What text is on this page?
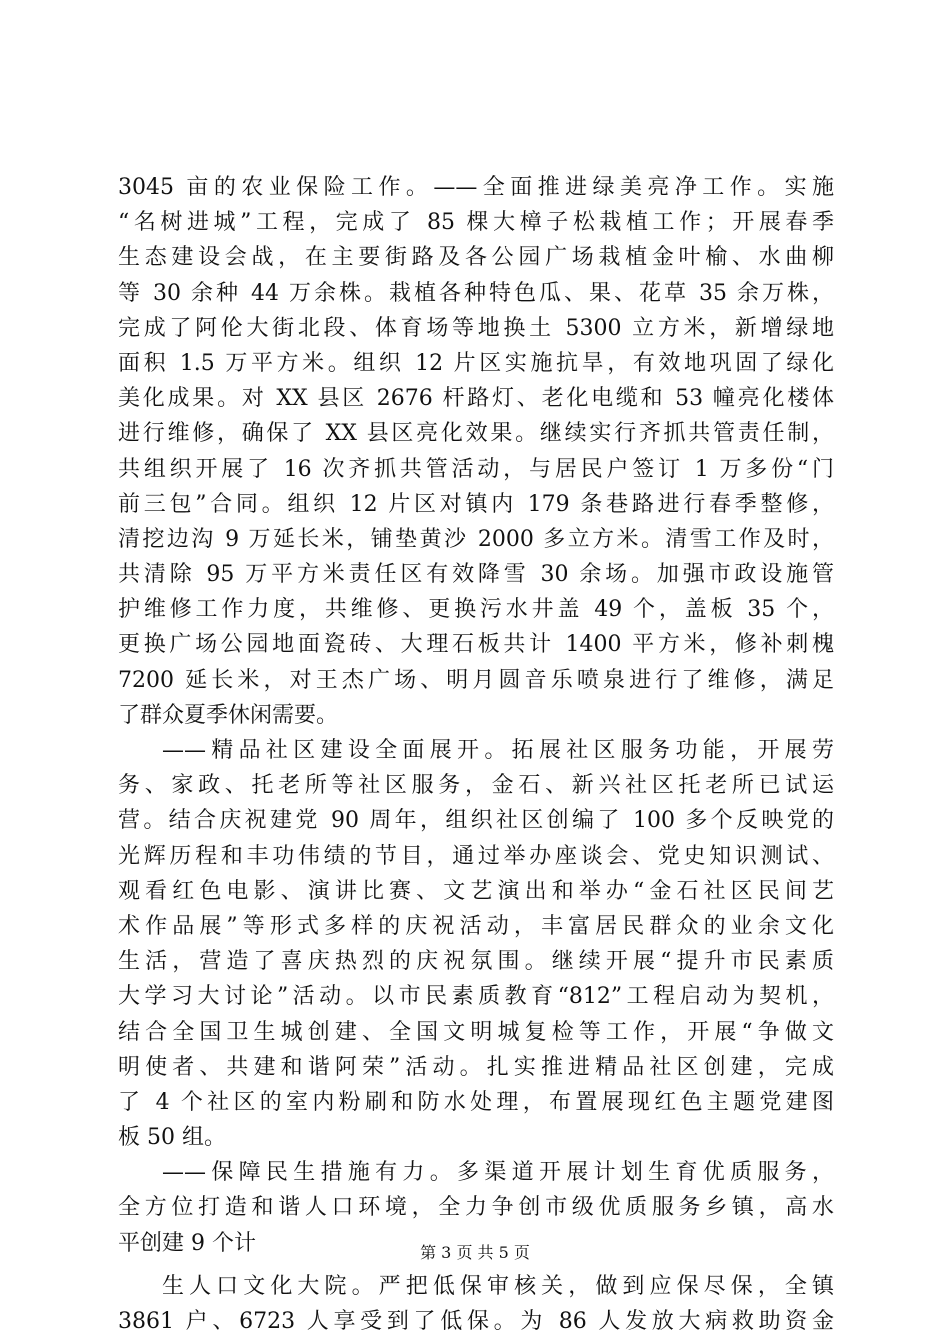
3045 亩的农业保险工作。——全面推进绿美亮净工作。实施
“名树进城”工程，完成了 85 棵大樟子松栽植工作；开展春季
生态建设会战，在主要街路及各公园广场栽植金叶榆、水曲柳
等 30 余种 44 万余株。栽植各种特色瓜、果、花草 35 余万株，
完成了阿伦大街北段、体育场等地换土 5300 立方米，新增绿地
面积 1.5 万平方米。组织 12 片区实施抗旱，有效地巩固了绿化
美化成果。对 XX 县区 2676 杆路灯、老化电缆和 53 幢亮化楼体
进行维修，确保了 XX 县区亮化效果。继续实行齐抓共管责任制，
共组织开展了 16 次齐抓共管活动，与居民户签订 1 万多份“门
前三包”合同。组织 12 片区对镇内 179 条巷路进行春季整修，
清挖边沟 9 万延长米，铺垫黄沙 2000 多立方米。清雪工作及时，
共清除 95 万平方米责任区有效降雪 30 余场。加强市政设施管
护维修工作力度，共维修、更换污水井盖 49 个，盖板 35 个，
更换广场公园地面瓷砖、大理石板共计 1400 平方米，修补刺槐
7200 延长米，对王杰广场、明月圆音乐喷泉进行了维修，满足
了群众夏季休闲需要。
——精品社区建设全面展开。拓展社区服务功能，开展劳
务、家政、托老所等社区服务，金石、新兴社区托老所已试运
营。结合庆祝建党 90 周年，组织社区创编了 100 多个反映党的
光辉历程和丰功伟绩的节目，通过举办座谈会、党史知识测试、
观看红色电影、演讲比赛、文艺演出和举办“金石社区民间艺
术作品展”等形式多样的庆祝活动，丰富居民群众的业余文化
生活，营造了喜庆热烈的庆祝氛围。继续开展“提升市民素质
大学习大讨论”活动。以市民素质教育“812”工程启动为契机，
结合全国卫生城创建、全国文明城复检等工作，开展“争做文
明使者、共建和谐阿荣”活动。扎实推进精品社区创建，完成
了 4 个社区的室内粉刷和防水处理，布置展现红色主题党建图
板 50 组。
——保障民生措施有力。多渠道开展计划生育优质服务，
全方位打造和谐人口环境，全力争创市级优质服务乡镇，高水
平创建 9 个计
生人口文化大院。严把低保审核关，做到应保尽保，全镇
3861 户、6723 人享受到了低保。为 86 人发放大病救助资金
第 3 页 共 5 页
